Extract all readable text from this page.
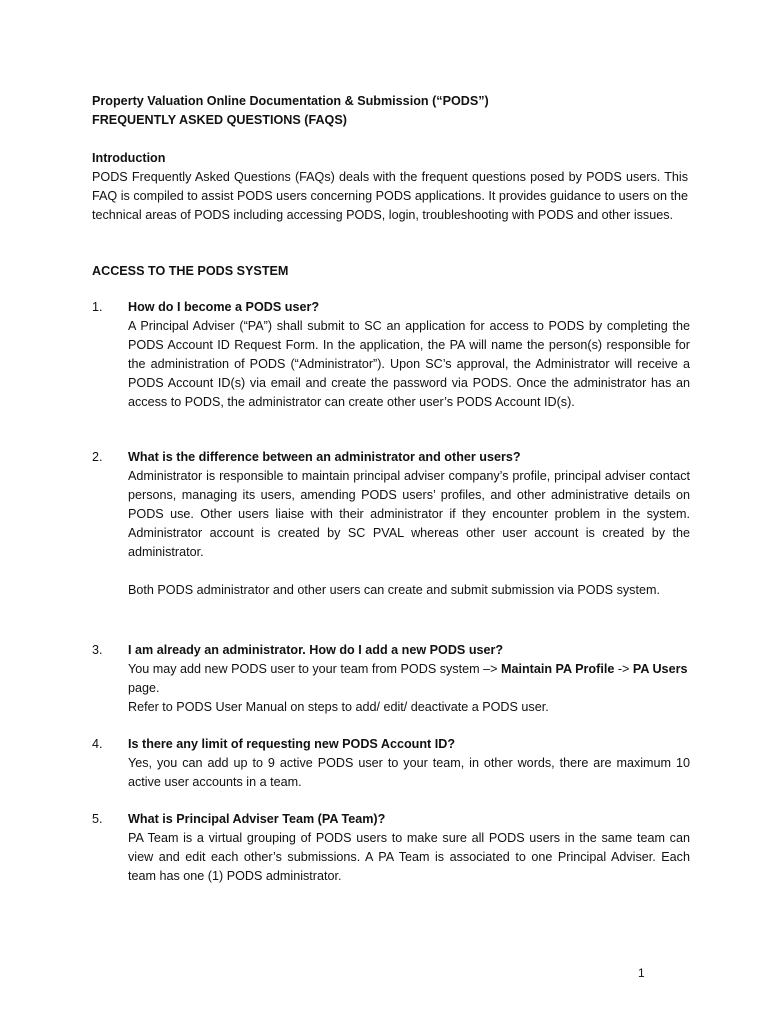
Property Valuation Online Documentation & Submission (“PODS”)
FREQUENTLY ASKED QUESTIONS (FAQS)
Introduction

PODS Frequently Asked Questions (FAQs) deals with the frequent questions posed by PODS users. This FAQ is compiled to assist PODS users concerning PODS applications. It provides guidance to users on the technical areas of PODS including accessing PODS, login, troubleshooting with PODS and other issues.

ACCESS TO THE PODS SYSTEM
1.	How do I become a PODS user?

A Principal Adviser (“PA”) shall submit to SC an application for access to PODS by completing the PODS Account ID Request Form. In the application, the PA will name the person(s) responsible for the administration of PODS (“Administrator”). Upon SC’s approval, the Administrator will receive a PODS Account ID(s) via email and create the password via PODS. Once the administrator has an access to PODS, the administrator can create other user’s PODS Account ID(s).

2.	What is the difference between an administrator and other users?

Administrator is responsible to maintain principal adviser company’s profile, principal adviser contact persons, managing its users, amending PODS users’ profiles, and other administrative details on PODS use. Other users liaise with their administrator if they encounter problem in the system. Administrator account is created by SC PVAL whereas other user account is created by the administrator.

Both PODS administrator and other users can create and submit submission via PODS system.

3.	I am already an administrator. How do I add a new PODS user?

You may add new PODS user to your team from PODS system –> Maintain PA Profile -> PA Users page.

Refer to PODS User Manual on steps to add/ edit/ deactivate a PODS user.

4.	Is there any limit of requesting new PODS Account ID?

Yes, you can add up to 9 active PODS user to your team, in other words, there are maximum 10 active user accounts in a team.

5.	What is Principal Adviser Team (PA Team)?

PA Team is a virtual grouping of PODS users to make sure all PODS users in the same team can view and edit each other’s submissions. A PA Team is associated to one Principal Adviser. Each team has one (1) PODS administrator.

1
